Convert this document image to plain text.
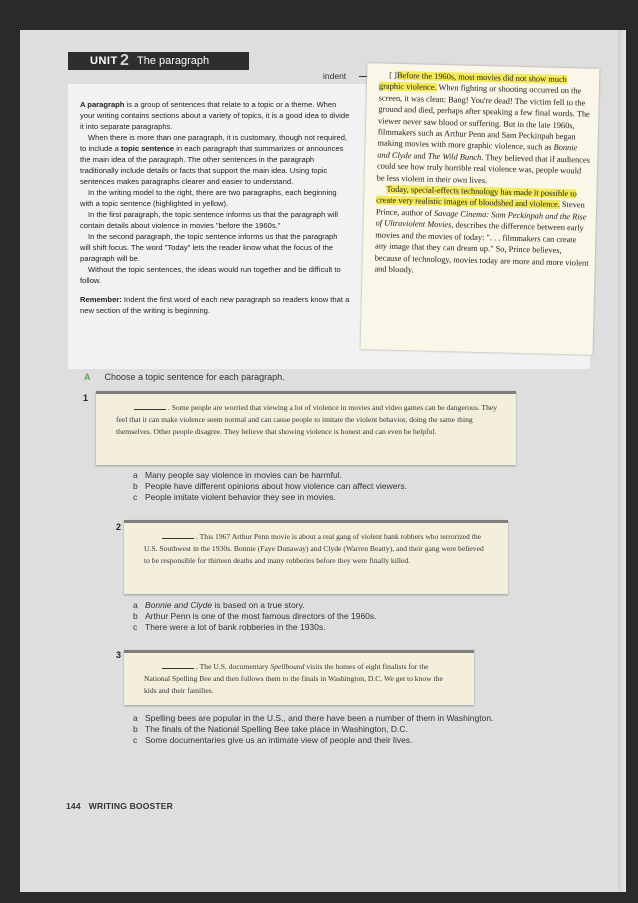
UNIT 2 The paragraph

A paragraph is a group of sentences that relate to a topic or a theme. When your writing contains sections about a variety of topics, it is a good idea to divide it into separate paragraphs.

When there is more than one paragraph, it is customary, though not required, to include a topic sentence in each paragraph that summarizes or announces the main idea of the paragraph. The other sentences in the paragraph traditionally include details or facts that support the main idea. Using topic sentences makes paragraphs clearer and easier to understand.

In the writing model to the right, there are two paragraphs, each beginning with a topic sentence (highlighted in yellow).

In the first paragraph, the topic sentence informs us that the paragraph will contain details about violence in movies "before the 1960s."

In the second paragraph, the topic sentence informs us that the paragraph will shift focus. The word "Today" lets the reader know what the focus of the paragraph will be.

Without the topic sentences, the ideas would run together and be difficult to follow.

Remember: Indent the first word of each new paragraph so readers know that a new section of the writing is beginning.

indent	[ ]Before the 1960s, most movies did not show much graphic violence. When fighting or shooting occurred on the screen, it was clean: Bang! You're dead! The victim fell to the ground and died, perhaps after speaking a few final words. The viewer never saw blood or suffering. But in the late 1960s, filmmakers such as Arthur Penn and Sam Peckinpah began making movies with more graphic violence, such as Bonnie and Clyde and The Wild Bunch. They believed that if audiences could see how truly horrible real violence was, people would be less violent in their own lives.

Today, special-effects technology has made it possible to create very realistic images of bloodshed and violence. Steven Prince, author of Savage Cinema: Sam Peckinpah and the Rise of Ultraviolent Movies, describes the difference between early movies and the movies of today: ". . . filmmakers can create any image that they can dream up." So, Prince believes, because of technology, movies today are more and more violent and bloody.

A Choose a topic sentence for each paragraph.
1
. Some people are worried that viewing a lot of violence in movies and video games can be dangerous. They feel that it can make violence seem normal and can cause people to imitate the violent behavior, doing the same thing themselves. Other people disagree. They believe that showing violence is honest and can even be helpful.
a Many people say violence in movies can be harmful.
b People have different opinions about how violence can affect viewers.
c People imitate violent behavior they see in movies.
2
. This 1967 Arthur Penn movie is about a real gang of violent bank robbers who terrorized the U.S. Southwest in the 1930s. Bonnie (Faye Dunaway) and Clyde (Warren Beatty), and their gang were believed to be responsible for thirteen deaths and many robberies before they were finally killed.
a Bonnie and Clyde is based on a true story.
b Arthur Penn is one of the most famous directors of the 1960s.
c There were a lot of bank robberies in the 1930s.
3
. The U.S. documentary Spellbound visits the homes of eight finalists for the National Spelling Bee and then follows them to the finals in Washington, D.C. We get to know the kids and their families.
a Spelling bees are popular in the U.S., and there have been a number of them in Washington.
b The finals of the National Spelling Bee take place in Washington, D.C.
c Some documentaries give us an intimate view of people and their lives.
144 WRITING BOOSTER
